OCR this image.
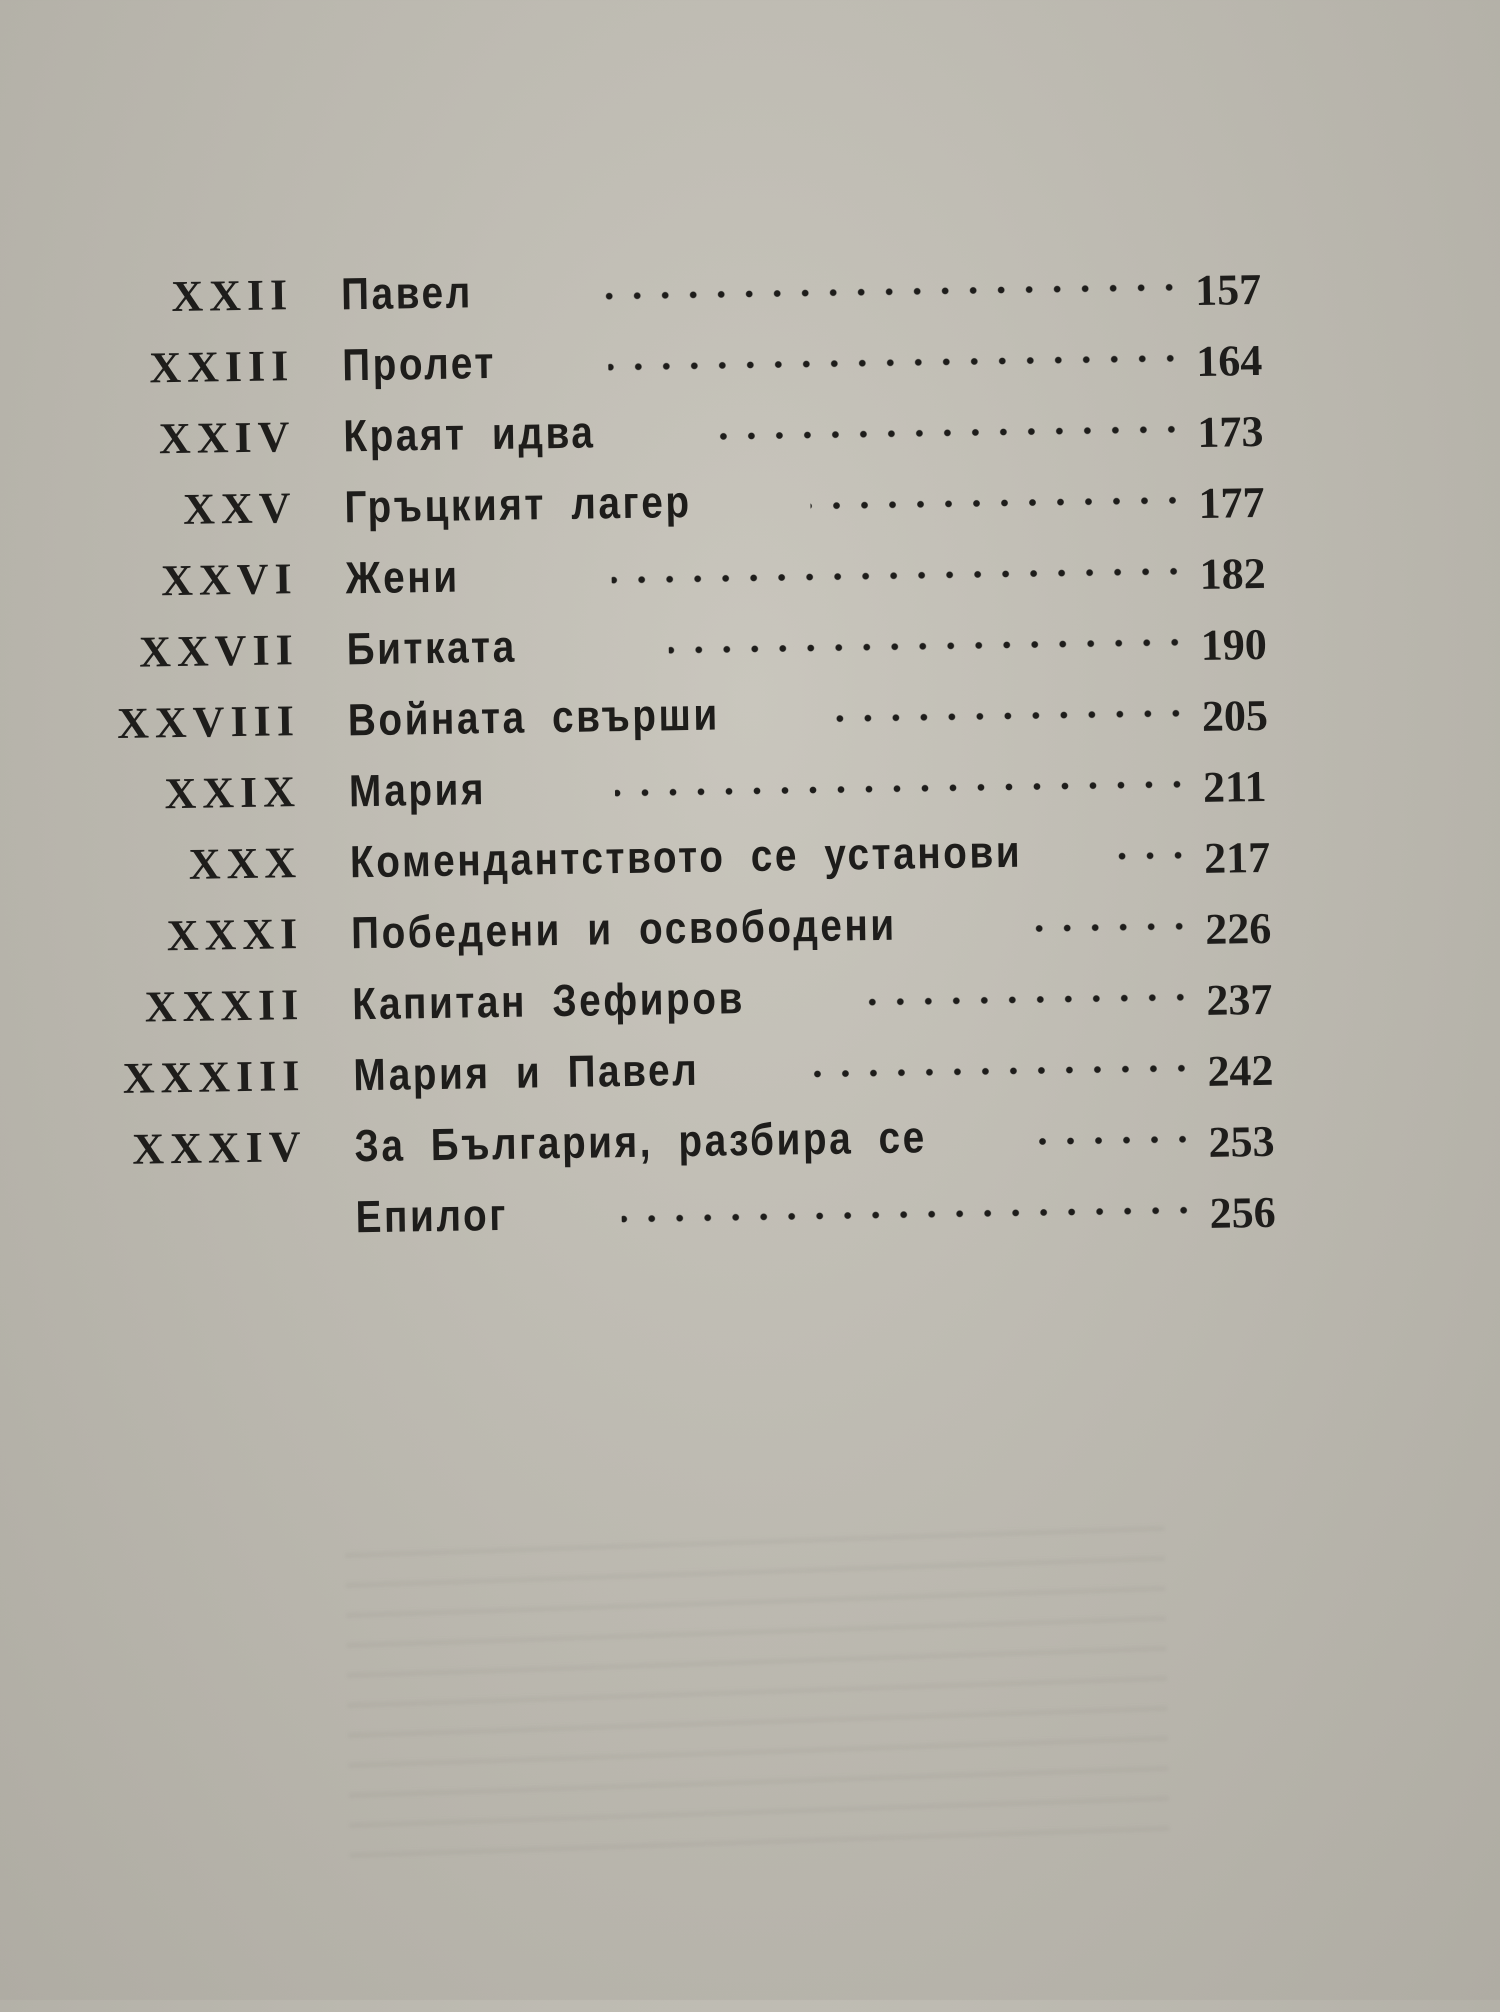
XXII Павел	157
XXIII Пролет	164
XXIV Краят идва	173
XXV Гръцкият лагер	177
XXVI Жени	182
XXVII Битката	190
XXVIII Войната свърши	205
XXIX Мария	211
XXX Комендантството се установи	217
XXXI Победени и освободени	226
XXXII Капитан Зефиров	237
XXXIII Мария и Павел	242
XXXIV За България, разбира се	253
Епилог	256
